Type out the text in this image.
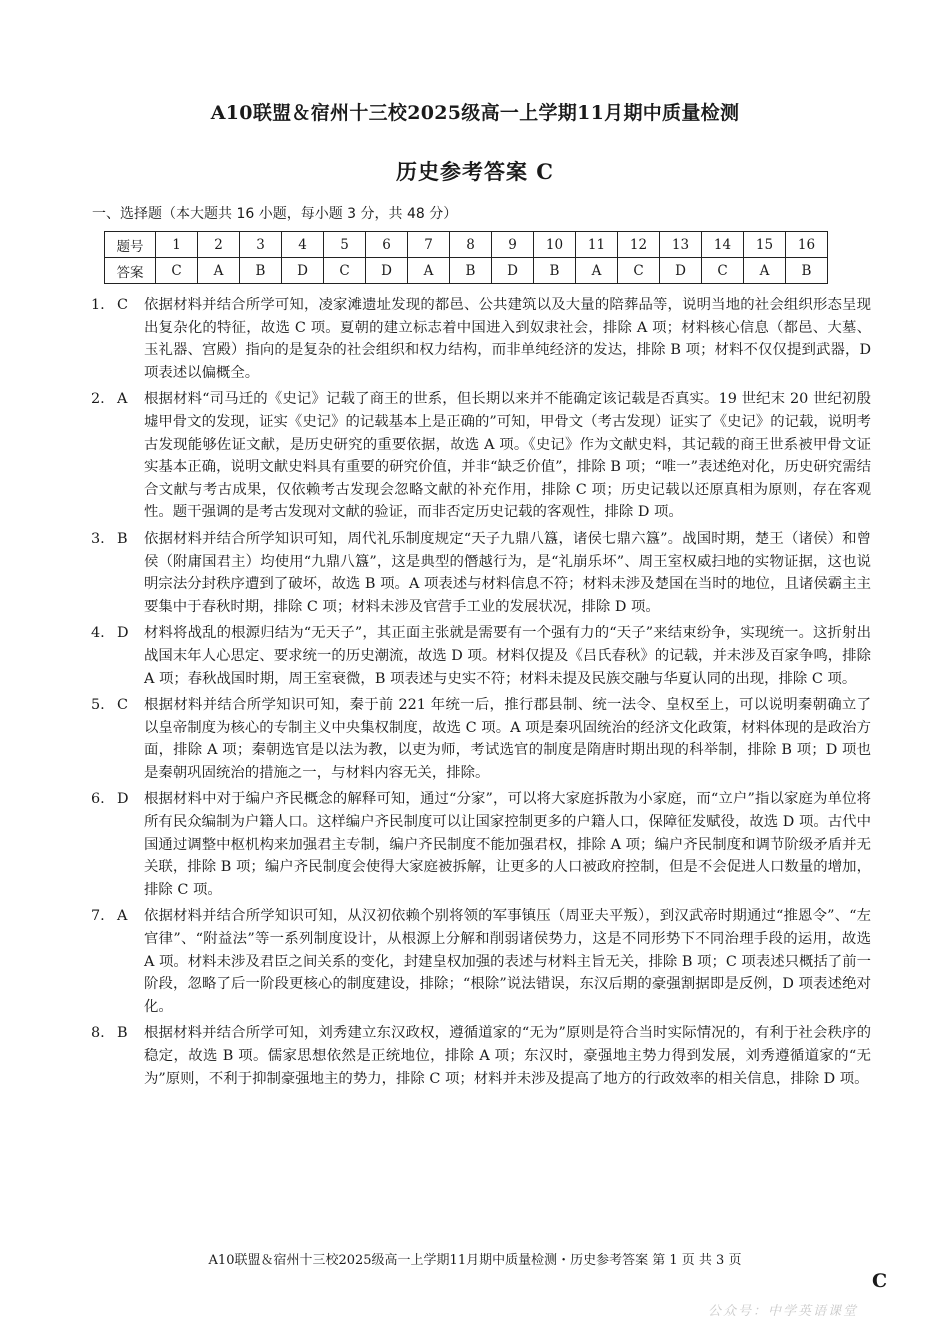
A10联盟＆宿州十三校2025级高一上学期11月期中质量检测
历史参考答案 C
一、选择题（本大题共 16 小题，每小题 3 分，共 48 分）
题号	1	2	3	4	5	6	7	8	9	10	11	12	13	14	15	16
答案	C	A	B	D	C	D	A	B	D	B	A	C	D	C	A	B
1. C	依据材料并结合所学可知，凌家滩遗址发现的都邑、公共建筑以及大量的陪葬品等，说明当地的社会组织形态呈现出复杂化的特征，故选 C 项。夏朝的建立标志着中国进入到奴隶社会，排除 A 项；材料核心信息（都邑、大墓、玉礼器、宫殿）指向的是复杂的社会组织和权力结构，而非单纯经济的发达，排除 B 项；材料不仅仅提到武器，D 项表述以偏概全。
2. A	根据材料“司马迁的《史记》记载了商王的世系，但长期以来并不能确定该记载是否真实。19 世纪末 20 世纪初殷墟甲骨文的发现，证实《史记》的记载基本上是正确的”可知，甲骨文（考古发现）证实了《史记》的记载，说明考古发现能够佐证文献，是历史研究的重要依据，故选 A 项。《史记》作为文献史料，其记载的商王世系被甲骨文证实基本正确，说明文献史料具有重要的研究价值，并非“缺乏价值”，排除 B 项；“唯一”表述绝对化，历史研究需结合文献与考古成果，仅依赖考古发现会忽略文献的补充作用，排除 C 项；历史记载以还原真相为原则，存在客观性。题干强调的是考古发现对文献的验证，而非否定历史记载的客观性，排除 D 项。
3. B	依据材料并结合所学知识可知，周代礼乐制度规定“天子九鼎八簋，诸侯七鼎六簋”。战国时期，楚王（诸侯）和曾侯（附庸国君主）均使用“九鼎八簋”，这是典型的僭越行为，是“礼崩乐坏”、周王室权威扫地的实物证据，这也说明宗法分封秩序遭到了破坏，故选 B 项。A 项表述与材料信息不符；材料未涉及楚国在当时的地位，且诸侯霸主主要集中于春秋时期，排除 C 项；材料未涉及官营手工业的发展状况，排除 D 项。
4. D	材料将战乱的根源归结为“无天子”，其正面主张就是需要有一个强有力的“天子”来结束纷争，实现统一。这折射出战国末年人心思定、要求统一的历史潮流，故选 D 项。材料仅提及《吕氏春秋》的记载，并未涉及百家争鸣，排除 A 项；春秋战国时期，周王室衰微，B 项表述与史实不符；材料未提及民族交融与华夏认同的出现，排除 C 项。
5. C	根据材料并结合所学知识可知，秦于前 221 年统一后，推行郡县制、统一法令、皇权至上，可以说明秦朝确立了以皇帝制度为核心的专制主义中央集权制度，故选 C 项。A 项是秦巩固统治的经济文化政策，材料体现的是政治方面，排除 A 项；秦朝选官是以法为教，以吏为师，考试选官的制度是隋唐时期出现的科举制，排除 B 项；D 项也是秦朝巩固统治的措施之一，与材料内容无关，排除。
6. D	根据材料中对于编户齐民概念的解释可知，通过“分家”，可以将大家庭拆散为小家庭，而“立户”指以家庭为单位将所有民众编制为户籍人口。这样编户齐民制度可以让国家控制更多的户籍人口，保障征发赋役，故选 D 项。古代中国通过调整中枢机构来加强君主专制，编户齐民制度不能加强君权，排除 A 项；编户齐民制度和调节阶级矛盾并无关联，排除 B 项；编户齐民制度会使得大家庭被拆解，让更多的人口被政府控制，但是不会促进人口数量的增加，排除 C 项。
7. A	依据材料并结合所学知识可知，从汉初依赖个别将领的军事镇压（周亚夫平叛），到汉武帝时期通过“推恩令”、“左官律”、“附益法”等一系列制度设计，从根源上分解和削弱诸侯势力，这是不同形势下不同治理手段的运用，故选 A 项。材料未涉及君臣之间关系的变化，封建皇权加强的表述与材料主旨无关，排除 B 项；C 项表述只概括了前一阶段，忽略了后一阶段更核心的制度建设，排除；“根除”说法错误，东汉后期的豪强割据即是反例，D 项表述绝对化。
8. B	根据材料并结合所学可知，刘秀建立东汉政权，遵循道家的“无为”原则是符合当时实际情况的，有利于社会秩序的稳定，故选 B 项。儒家思想依然是正统地位，排除 A 项；东汉时，豪强地主势力得到发展，刘秀遵循道家的“无为”原则，不利于抑制豪强地主的势力，排除 C 项；材料并未涉及提高了地方的行政效率的相关信息，排除 D 项。
A10联盟＆宿州十三校2025级高一上学期11月期中质量检测・历史参考答案 第 1 页 共 3 页
C
公众号：中学英语课堂
